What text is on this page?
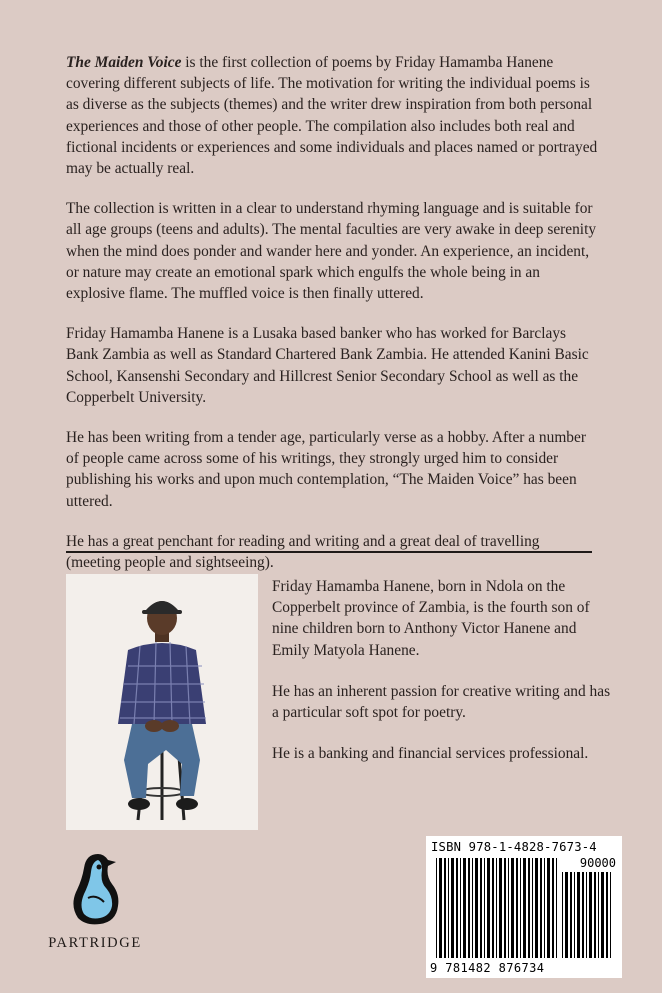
The Maiden Voice is the first collection of poems by Friday Hamamba Hanene covering different subjects of life. The motivation for writing the individual poems is as diverse as the subjects (themes) and the writer drew inspiration from both personal experiences and those of other people. The compilation also includes both real and fictional incidents or experiences and some individuals and places named or portrayed may be actually real.

The collection is written in a clear to understand rhyming language and is suitable for all age groups (teens and adults). The mental faculties are very awake in deep serenity when the mind does ponder and wander here and yonder. An experience, an incident, or nature may create an emotional spark which engulfs the whole being in an explosive flame. The muffled voice is then finally uttered.

Friday Hamamba Hanene is a Lusaka based banker who has worked for Barclays Bank Zambia as well as Standard Chartered Bank Zambia. He attended Kanini Basic School, Kansenshi Secondary and Hillcrest Senior Secondary School as well as the Copperbelt University.

He has been writing from a tender age, particularly verse as a hobby. After a number of people came across some of his writings, they strongly urged him to consider publishing his works and upon much contemplation, “The Maiden Voice” has been uttered.

He has a great penchant for reading and writing and a great deal of travelling (meeting people and sightseeing).

Friday Hamamba Hanene, born in Ndola on the Copperbelt province of Zambia, is the fourth son of nine children born to Anthony Victor Hanene and Emily Matyola Hanene.

He has an inherent passion for creative writing and has a particular soft spot for poetry.

He is a banking and financial services professional.

PARTRIDGE
ISBN 978-1-4828-7673-4
90000
9 781482 876734
